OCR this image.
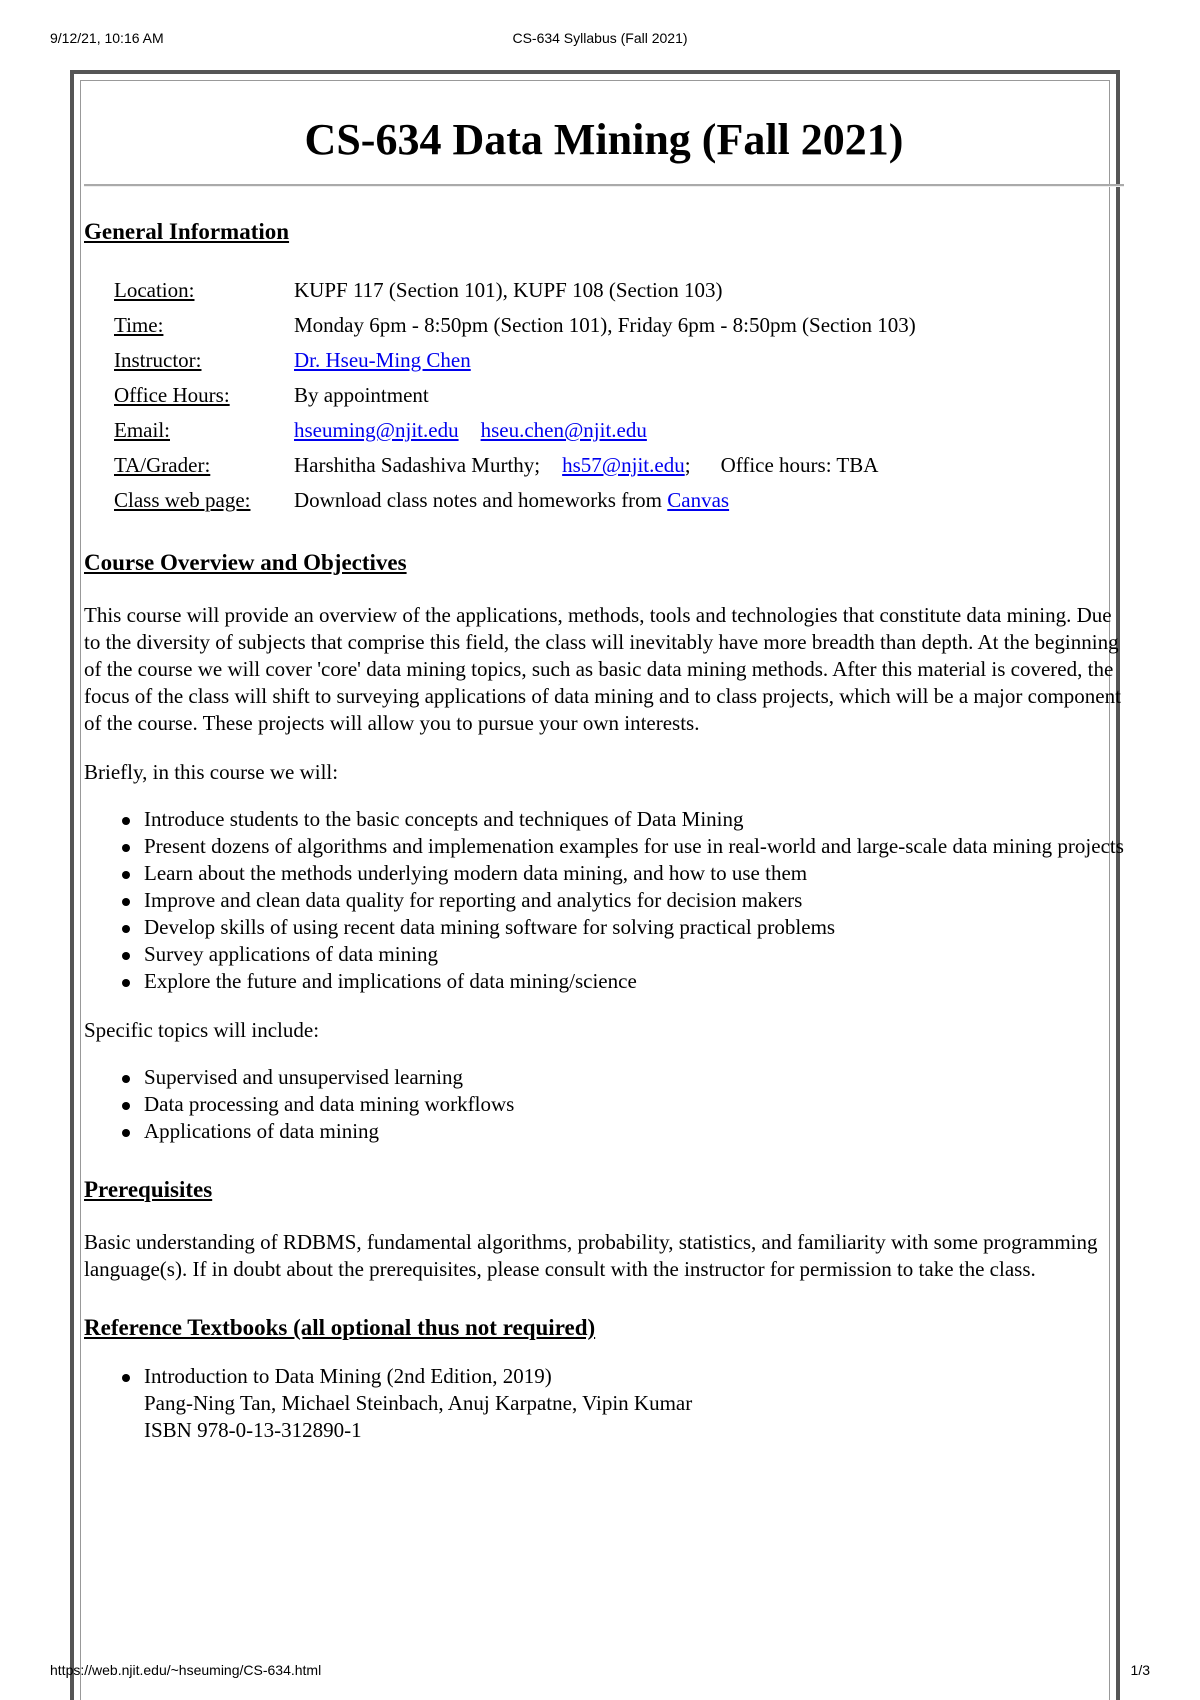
9/12/21, 10:16 AM	CS-634 Syllabus (Fall 2021)
CS-634 Data Mining (Fall 2021)
General Information
Location:	KUPF 117 (Section 101), KUPF 108 (Section 103)
Time:	Monday 6pm - 8:50pm (Section 101), Friday 6pm - 8:50pm (Section 103)
Instructor:	Dr. Hseu-Ming Chen
Office Hours:	By appointment
Email:	hseuming@njit.edu hseu.chen@njit.edu
TA/Grader:	Harshitha Sadashiva Murthy; hs57@njit.edu; Office hours: TBA
Class web page:	Download class notes and homeworks from Canvas
Course Overview and Objectives

This course will provide an overview of the applications, methods, tools and technologies that constitute data mining. Due to the diversity of subjects that comprise this field, the class will inevitably have more breadth than depth. At the beginning of the course we will cover 'core' data mining topics, such as basic data mining methods. After this material is covered, the focus of the class will shift to surveying applications of data mining and to class projects, which will be a major component of the course. These projects will allow you to pursue your own interests.

Briefly, in this course we will:

Introduce students to the basic concepts and techniques of Data Mining
Present dozens of algorithms and implemenation examples for use in real-world and large-scale data mining projects
Learn about the methods underlying modern data mining, and how to use them
Improve and clean data quality for reporting and analytics for decision makers
Develop skills of using recent data mining software for solving practical problems
Survey applications of data mining
Explore the future and implications of data mining/science

Specific topics will include:

Supervised and unsupervised learning
Data processing and data mining workflows
Applications of data mining
Prerequisites

Basic understanding of RDBMS, fundamental algorithms, probability, statistics, and familiarity with some programming language(s). If in doubt about the prerequisites, please consult with the instructor for permission to take the class.

Reference Textbooks (all optional thus not required)
Introduction to Data Mining (2nd Edition, 2019)
Pang-Ning Tan, Michael Steinbach, Anuj Karpatne, Vipin Kumar
ISBN 978-0-13-312890-1
https://web.njit.edu/~hseuming/CS-634.html	1/3
